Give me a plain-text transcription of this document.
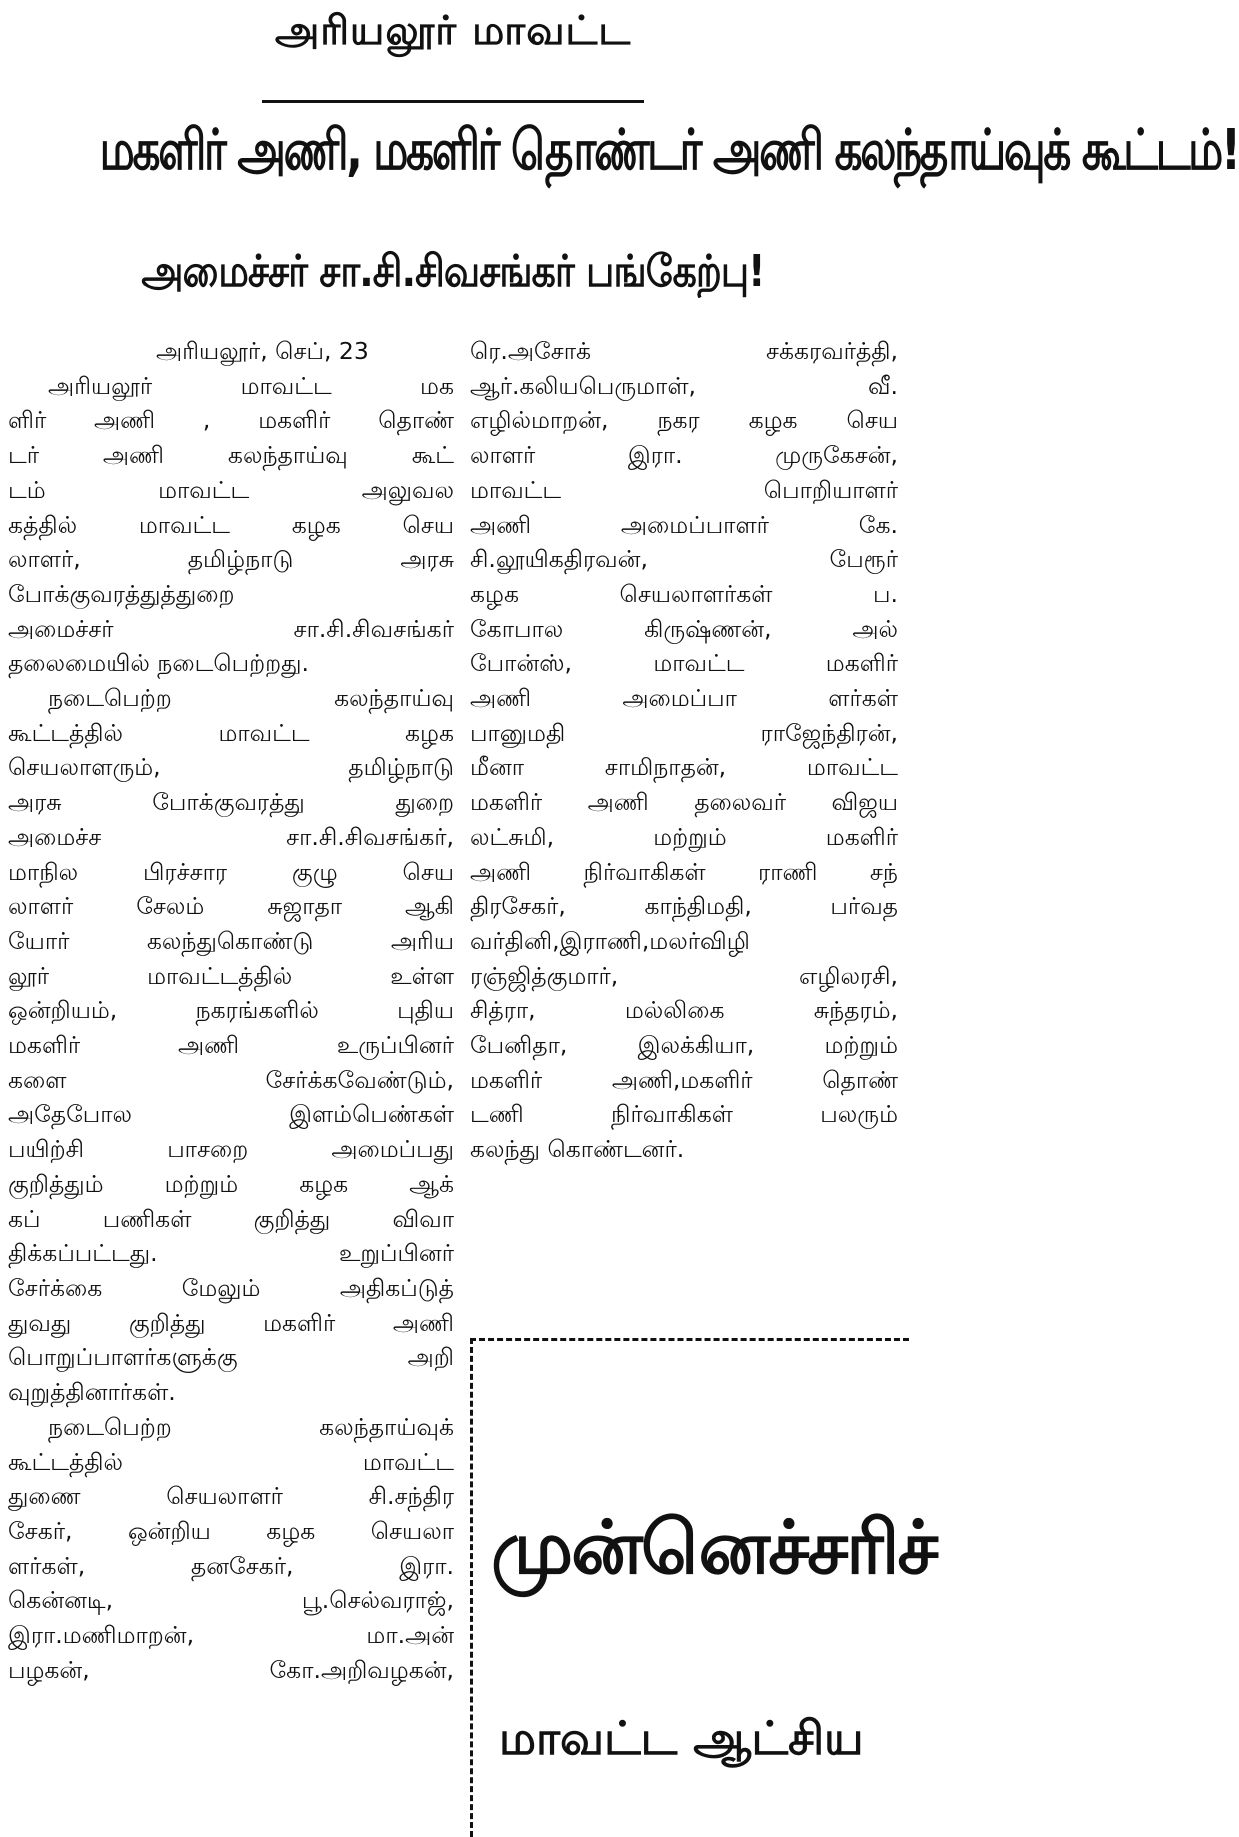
அரியலூர் மாவட்ட
மகளிர் அணி, மகளிர் தொண்டர் அணி கலந்தாய்வுக் கூட்டம்!
அமைச்சர் சா.சி.சிவசங்கர் பங்கேற்பு!

அரியலூர், செப், 23

அரியலூர் மாவட்ட மக

ளிர் அணி , மகளிர் தொண்

டர் அணி கலந்தாய்வு கூட்

டம் மாவட்ட அலுவல

கத்தில் மாவட்ட கழக செய

லாளர், தமிழ்நாடு அரசு

போக்குவரத்துத்துறை

அமைச்சர் சா.சி.சிவசங்கர்

தலைமையில் நடைபெற்றது.

நடைபெற்ற கலந்தாய்வு

கூட்டத்தில் மாவட்ட கழக

செயலாளரும், தமிழ்நாடு

அரசு போக்குவரத்து துறை

அமைச்ச சா.சி.சிவசங்கர்,

மாநில பிரச்சார குழு செய

லாளர் சேலம் சுஜாதா ஆகி

யோர் கலந்துகொண்டு அரிய

லூர் மாவட்டத்தில் உள்ள

ஒன்றியம், நகரங்களில் புதிய

மகளிர் அணி உருப்பினர்

களை சேர்க்கவேண்டும்,

அதேபோல இளம்பெண்கள்

பயிற்சி பாசறை அமைப்பது

குறித்தும் மற்றும் கழக ஆக்

கப் பணிகள் குறித்து விவா

திக்கப்பட்டது. உறுப்பினர்

சேர்க்கை மேலும் அதிகப்டுத்

துவது குறித்து மகளிர் அணி

பொறுப்பாளர்களுக்கு அறி

வுறுத்தினார்கள்.

நடைபெற்ற கலந்தாய்வுக்

கூட்டத்தில் மாவட்ட

துணை செயலாளர் சி.சந்திர

சேகர், ஒன்றிய கழக செயலா

ளர்கள், தனசேகர், இரா.

கென்னடி, பூ.செல்வராஜ்,

இரா.மணிமாறன், மா.அன்

பழகன், கோ.அறிவழகன்,

ரெ.அசோக் சக்கரவர்த்தி,

ஆர்.கலியபெருமாள், வீ.

எழில்மாறன், நகர கழக செய

லாளர் இரா. முருகேசன்,

மாவட்ட பொறியாளர்

அணி அமைப்பாளர் கே.

சி.லூயிகதிரவன், பேரூர்

கழக செயலாளர்கள் ப.

கோபால கிருஷ்ணன், அல்

போன்ஸ், மாவட்ட மகளிர்

அணி அமைப்பா ளர்கள்

பானுமதி ராஜேந்திரன்,

மீனா சாமிநாதன், மாவட்ட

மகளிர் அணி தலைவர் விஜய

லட்சுமி, மற்றும் மகளிர்

அணி நிர்வாகிகள் ராணி சந்

திரசேகர், காந்திமதி, பர்வத

வர்தினி,இராணி,மலர்விழி

ரஞ்ஜித்குமார், எழிலரசி,

சித்ரா, மல்லிகை சுந்தரம்,

பேனிதா, இலக்கியா, மற்றும்

மகளிர் அணி,மகளிர் தொண்

டணி நிர்வாகிகள் பலரும்

கலந்து கொண்டனர்.

முன்னெச்சரிச்
மாவட்ட ஆட்சிய
